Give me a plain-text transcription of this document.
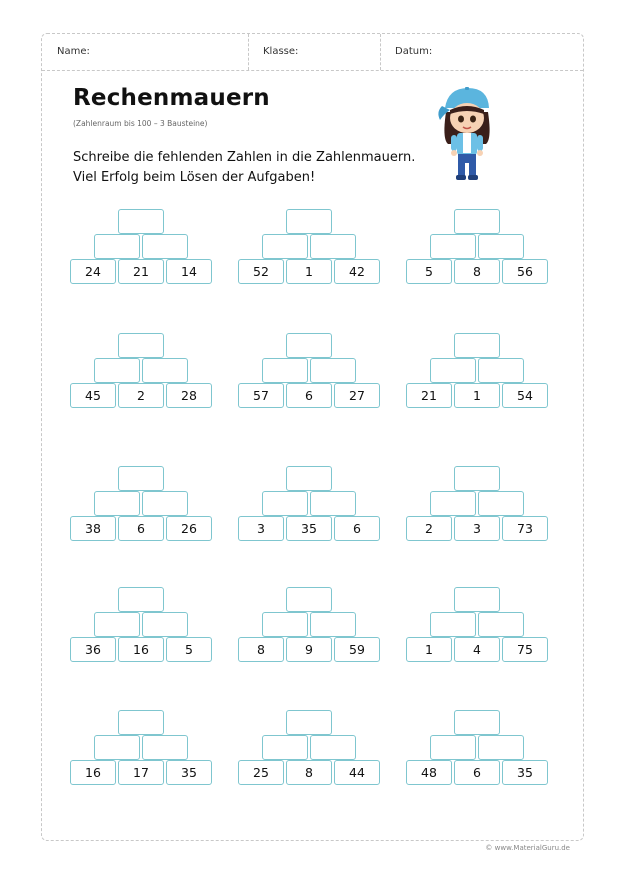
Name:	Klasse:	Datum:
Rechenmauern
(Zahlenraum bis 100 – 3 Bausteine)
Schreibe die fehlenden Zahlen in die Zahlenmauern.
Viel Erfolg beim Lösen der Aufgaben!
24	21	14	52	1	42	5	8	56
45	2	28	57	6	27	21	1	54
38	6	26	3	35	6	2	3	73
36	16	5	8	9	59	1	4	75
16	17	35	25	8	44	48	6	35
© www.MaterialGuru.de
